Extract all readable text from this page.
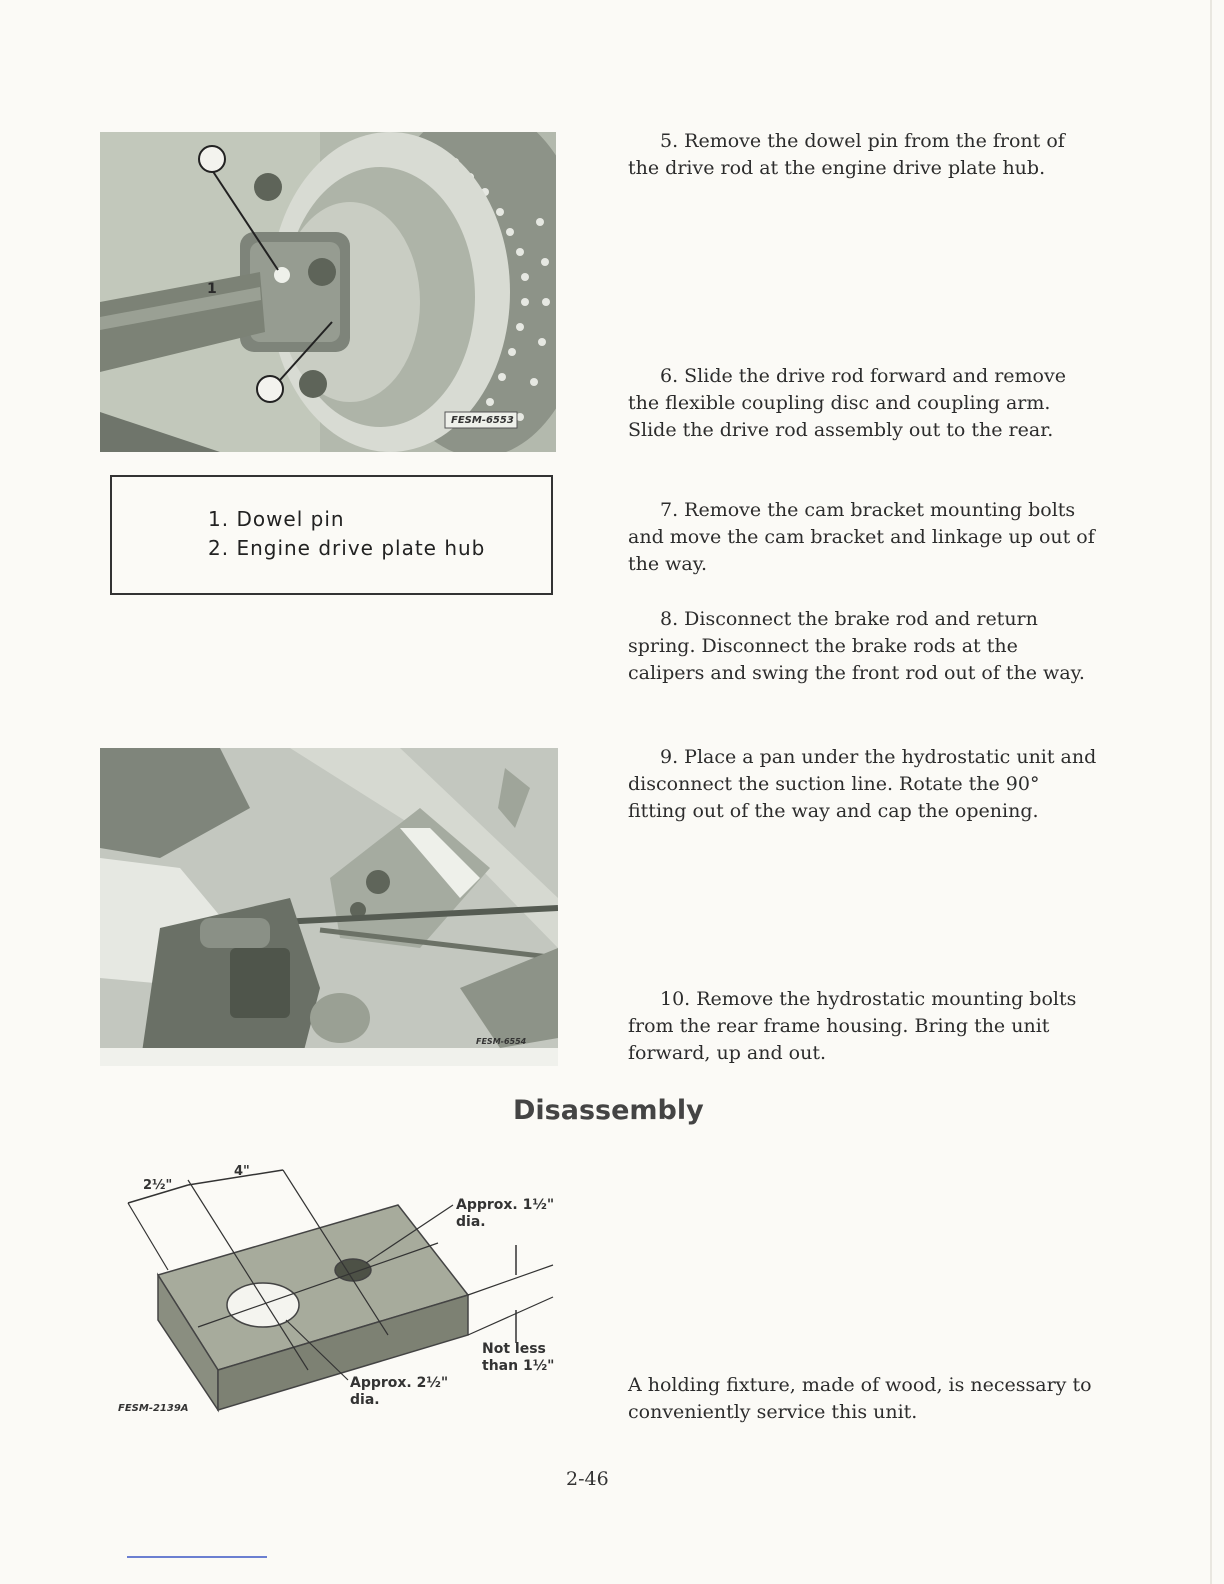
1
FESM-6553
1. Dowel pin
2. Engine drive plate hub
FESM-6554
2½"
4"
Approx. 1½"
dia.
Not less
than 1½"
Approx. 2½"
dia.
FESM-2139A

5. Remove the dowel pin from the front of the drive rod at the engine drive plate hub.

6. Slide the drive rod forward and remove the flexible coupling disc and coupling arm. Slide the drive rod assembly out to the rear.

7. Remove the cam bracket mounting bolts and move the cam bracket and linkage up out of the way.

8. Disconnect the brake rod and return spring. Disconnect the brake rods at the calipers and swing the front rod out of the way.

9. Place a pan under the hydrostatic unit and disconnect the suction line. Rotate the 90° fitting out of the way and cap the opening.

10. Remove the hydrostatic mounting bolts from the rear frame housing. Bring the unit forward, up and out.

Disassembly

A holding fixture, made of wood, is necessary to conveniently service this unit.

2-46
